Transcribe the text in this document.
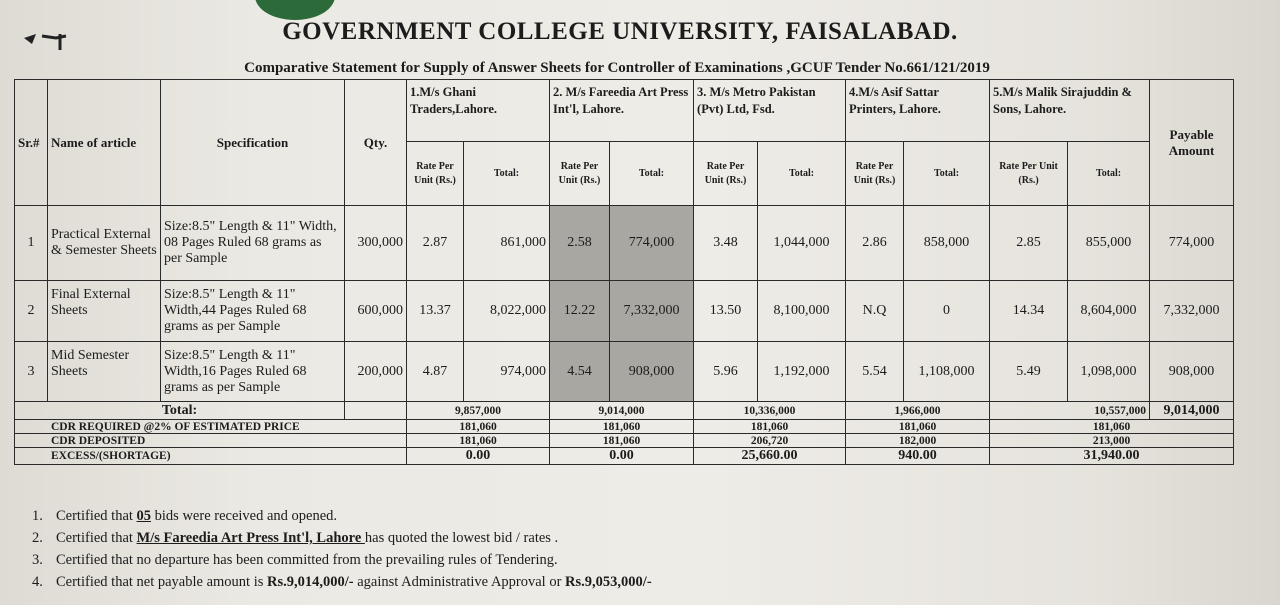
GOVERNMENT COLLEGE UNIVERSITY, FAISALABAD.
Comparative Statement for Supply of Answer Sheets for Controller of Examinations ,GCUF Tender No.661/121/2019
Sr.#	Name of article	Specification	Qty.	1.M/s Ghani Traders,Lahore.		2. M/s Fareedia Art Press Int'l, Lahore.		3. M/s Metro Pakistan (Pvt) Ltd, Fsd.		4.M/s Asif Sattar Printers, Lahore.		5.M/s Malik Sirajuddin & Sons, Lahore.		Payable Amount
				Rate Per Unit (Rs.)	Total:	Rate Per Unit (Rs.)	Total:	Rate Per Unit (Rs.)	Total:	Rate Per Unit (Rs.)	Total:	Rate Per Unit (Rs.)	Total:	
1	Practical External & Semester Sheets	Size:8.5" Length & 11" Width, 08 Pages Ruled 68 grams as per Sample	300,000	2.87	861,000	2.58	774,000	3.48	1,044,000	2.86	858,000	2.85	855,000	774,000
2	Final External Sheets	Size:8.5" Length & 11" Width,44 Pages Ruled 68 grams as per Sample	600,000	13.37	8,022,000	12.22	7,332,000	13.50	8,100,000	N.Q	0	14.34	8,604,000	7,332,000
3	Mid Semester Sheets	Size:8.5" Length & 11" Width,16 Pages Ruled 68 grams as per Sample	200,000	4.87	974,000	4.54	908,000	5.96	1,192,000	5.54	1,108,000	5.49	1,098,000	908,000
Total:				9,857,000		9,014,000		10,336,000		1,966,000		10,557,000		9,014,000
CDR REQUIRED @2% OF ESTIMATED PRICE				181,060		181,060		181,060		181,060		181,060		
CDR DEPOSITED				181,060		181,060		206,720		182,000		213,000		
EXCESS/(SHORTAGE)				0.00		0.00		25,660.00		940.00		31,940.00		
1. Certified that 05 bids were received and opened.
2. Certified that M/s Fareedia Art Press Int'l, Lahore has quoted the lowest bid / rates .
3. Certified that no departure has been committed from the prevailing rules of Tendering.
4. Certified that net payable amount is Rs.9,014,000/- against Administrative Approval or Rs.9,053,000/-
